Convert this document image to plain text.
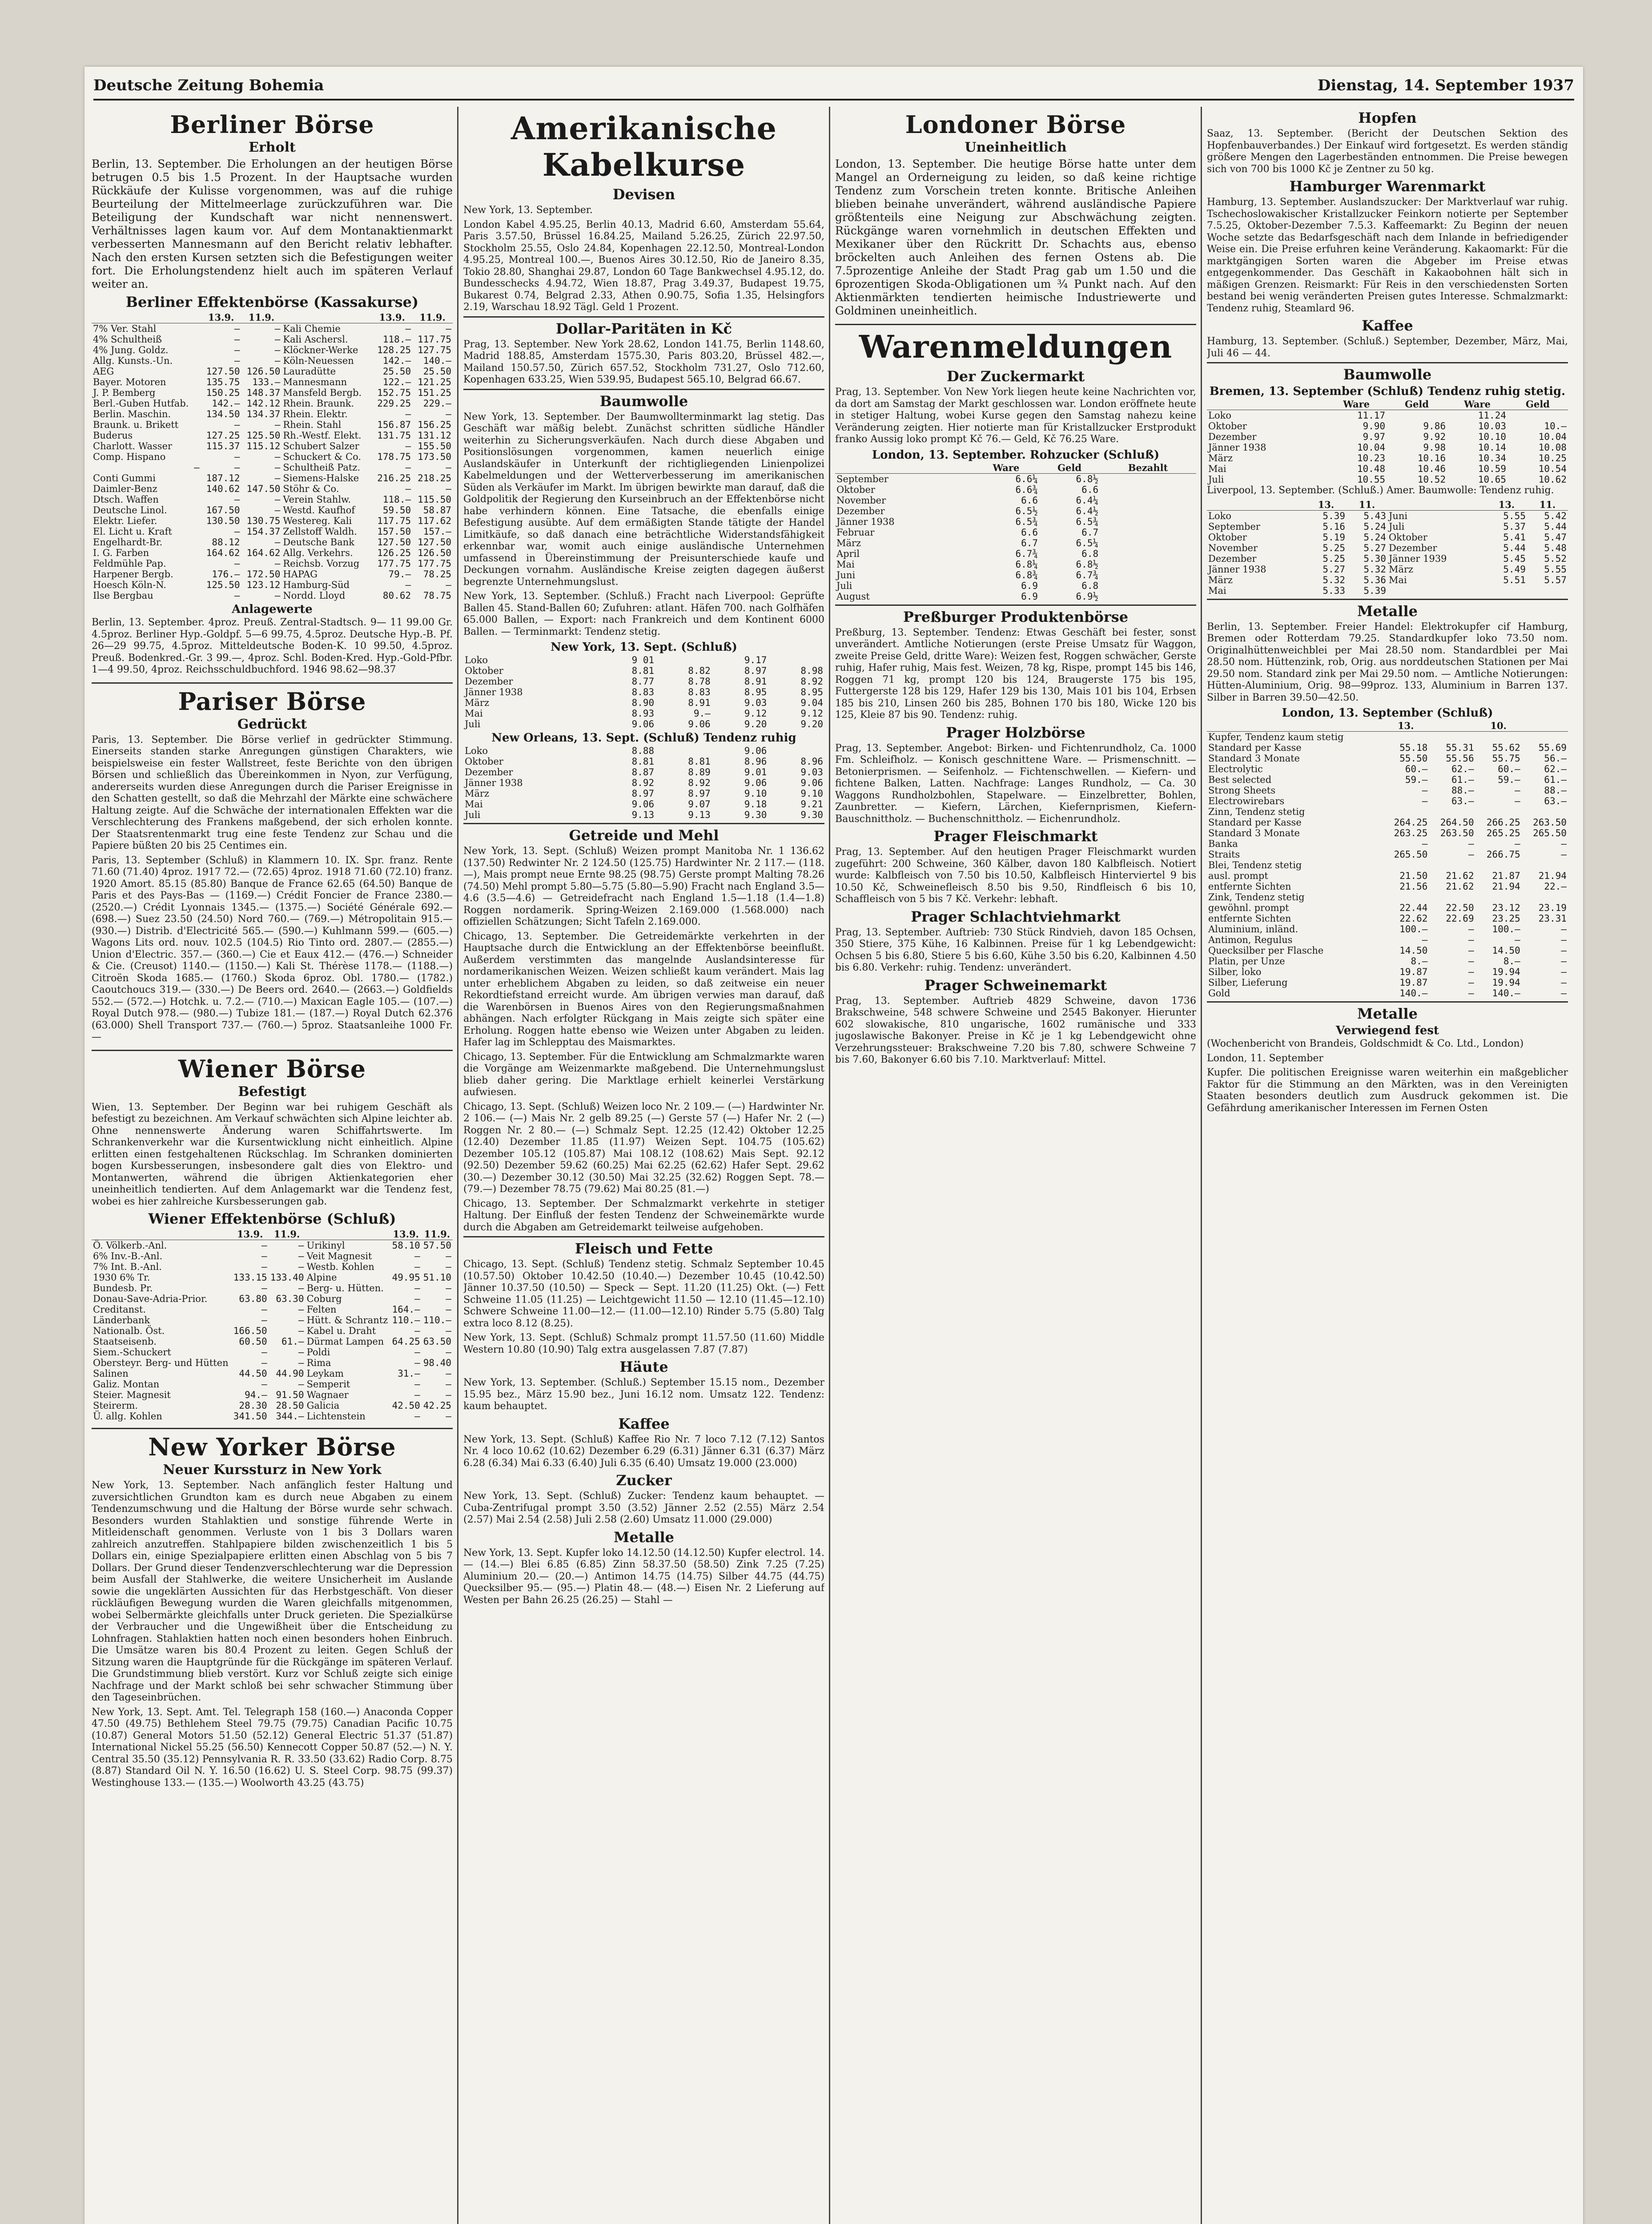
Deutsche Zeitung Bohemia	Dienstag, 14. September 1937
Berliner Börse
Erholt

Berlin, 13. September. Die Erholungen an der heutigen Börse betrugen 0.5 bis 1.5 Prozent. In der Hauptsache wurden Rückkäufe der Kulisse vorgenommen, was auf die ruhige Beurteilung der Mittelmeerlage zurückzuführen war. Die Beteiligung der Kundschaft war nicht nennenswert. Verhältnisses lagen kaum vor. Auf dem Montanaktienmarkt verbesserten Mannesmann auf den Bericht relativ lebhafter. Nach den ersten Kursen setzten sich die Befestigungen weiter fort. Die Erholungstendenz hielt auch im späteren Verlauf weiter an.

Berliner Effektenbörse (Kassakurse)
	13.9.	11.9.		13.9.	11.9.
7% Ver. Stahl	—	—	Kali Chemie	—	—
4% Schultheiß	—	—	Kali Aschersl.	118.—	117.75
4% Jung. Goldz.	—	—	Klöckner-Werke	128.25	127.75
Allg. Kunsts.-Un.	—	—	Köln-Neuessen	142.—	140.—
AEG	127.50	126.50	Lauradütte	25.50	25.50
Bayer. Motoren	135.75	133.—	Mannesmann	122.—	121.25
J. P. Bemberg	150.25	148.37	Mansfeld Bergb.	152.75	151.25
Berl.-Guben Hutfab.	142.—	142.12	Rhein. Braunk.	229.25	229.—
Berlin. Maschin.	134.50	134.37	Rhein. Elektr.	—	—
Braunk. u. Brikett	—	—	Rhein. Stahl	156.87	156.25
Buderus	127.25	125.50	Rh.-Westf. Elekt.	131.75	131.12
Charlott. Wasser	115.37	115.12	Schubert Salzer	—	155.50
Comp. Hispano	—	—	Schuckert & Co.	178.75	173.50
—	—	—	Schultheiß Patz.	—	—
Conti Gummi	187.12	—	Siemens-Halske	216.25	218.25
Daimler-Benz	140.62	147.50	Stöhr & Co.	—	—
Dtsch. Waffen	—	—	Verein Stahlw.	118.—	115.50
Deutsche Linol.	167.50	—	Westd. Kaufhof	59.50	58.87
Elektr. Liefer.	130.50	130.75	Westereg. Kali	117.75	117.62
El. Licht u. Kraft	—	154.37	Zellstoff Waldh.	157.50	157.—
Engelhardt-Br.	88.12	—	Deutsche Bank	127.50	127.50
I. G. Farben	164.62	164.62	Allg. Verkehrs.	126.25	126.50
Feldmühle Pap.	—	—	Reichsb. Vorzug	177.75	177.75
Harpener Bergb.	176.—	172.50	HAPAG	79.—	78.25
Hoesch Köln-N.	125.50	123.12	Hamburg-Süd	—	—
Ilse Bergbau	—	—	Nordd. Lloyd	80.62	78.75
Anlagewerte

Berlin, 13. September. 4proz. Preuß. Zentral-Stadtsch. 9— 11 99.00 Gr. 4.5proz. Berliner Hyp.-Goldpf. 5—6 99.75, 4.5proz. Deutsche Hyp.-B. Pf. 26—29 99.75, 4.5proz. Mitteldeutsche Boden-K. 10 99.50, 4.5proz. Preuß. Bodenkred.-Gr. 3 99.—, 4proz. Schl. Boden-Kred. Hyp.-Gold-Pfbr. 1—4 99.50, 4proz. Reichsschuldbuchford. 1946 98.62—98.37

Pariser Börse
Gedrückt

Paris, 13. September. Die Börse verlief in gedrückter Stimmung. Einerseits standen starke Anregungen günstigen Charakters, wie beispielsweise ein fester Wallstreet, feste Berichte von den übrigen Börsen und schließlich das Übereinkommen in Nyon, zur Verfügung, andererseits wurden diese Anregungen durch die Pariser Ereignisse in den Schatten gestellt, so daß die Mehrzahl der Märkte eine schwächere Haltung zeigte. Auf die Schwäche der internationalen Effekten war die Verschlechterung des Frankens maßgebend, der sich erholen konnte. Der Staatsrentenmarkt trug eine feste Tendenz zur Schau und die Papiere büßten 20 bis 25 Centimes ein.

Paris, 13. September (Schluß) in Klammern 10. IX. Spr. franz. Rente 71.60 (71.40) 4proz. 1917 72.— (72.65) 4proz. 1918 71.60 (72.10) franz. 1920 Amort. 85.15 (85.80) Banque de France 62.65 (64.50) Banque de Paris et des Pays-Bas — (1169.—) Crédit Foncier de France 2380.— (2520.—) Crédit Lyonnais 1345.— (1375.—) Société Générale 692.— (698.—) Suez 23.50 (24.50) Nord 760.— (769.—) Métropolitain 915.— (930.—) Distrib. d'Electricité 565.— (590.—) Kuhlmann 599.— (605.—) Wagons Lits ord. nouv. 102.5 (104.5) Rio Tinto ord. 2807.— (2855.—) Union d'Electric. 357.— (360.—) Cie et Eaux 412.— (476.—) Schneider & Cie. (Creusot) 1140.— (1150.—) Kali St. Thérèse 1178.— (1188.—) Citroën Skoda 1685.— (1760.) Skoda 6proz. Obl. 1780.— (1782.) Caoutchoucs 319.— (330.—) De Beers ord. 2640.— (2663.—) Goldfields 552.— (572.—) Hotchk. u. 7.2.— (710.—) Maxican Eagle 105.— (107.—) Royal Dutch 978.— (980.—) Tubize 181.— (187.—) Royal Dutch 62.376 (63.000) Shell Transport 737.— (760.—) 5proz. Staatsanleihe 1000 Fr. —

Wiener Börse
Befestigt

Wien, 13. September. Der Beginn war bei ruhigem Geschäft als befestigt zu bezeichnen. Am Verkauf schwächten sich Alpine leichter ab. Ohne nennenswerte Änderung waren Schiffahrtswerte. Im Schrankenverkehr war die Kursentwicklung nicht einheitlich. Alpine erlitten einen festgehaltenen Rückschlag. Im Schranken dominierten bogen Kursbesserungen, insbesondere galt dies von Elektro- und Montanwerten, während die übrigen Aktienkategorien eher uneinheitlich tendierten. Auf dem Anlagemarkt war die Tendenz fest, wobei es hier zahlreiche Kursbesserungen gab.

Wiener Effektenbörse (Schluß)
	13.9.	11.9.		13.9.	11.9.
Ö. Völkerb.-Anl.	—	—	Urikinyl	58.10	57.50
6% Inv.-B.-Anl.	—	—	Veit Magnesit	—	—
7% Int. B.-Anl.	—	—	Westb. Kohlen	—	—
1930 6% Tr.	133.15	133.40	Alpine	49.95	51.10
Bundesb. Pr.	—	—	Berg- u. Hütten.	—	—
Donau-Save-Adria-Prior.	63.80	63.30	Coburg	—	—
Creditanst.	—	—	Felten	164.—	—
Länderbank	—	—	Hütt. & Schrantz	110.—	110.—
Nationalb. Öst.	166.50	—	Kabel u. Draht	—	—
Staatseisenb.	60.50	61.—	Dürmat Lampen	64.25	63.50
Siem.-Schuckert	—	—	Poldi	—	—
Obersteyr. Berg- und Hütten	—	—	Rima	—	98.40
Salinen	44.50	44.90	Leykam	31.—	—
Galiz. Montan	—	—	Semperit	—	—
Steier. Magnesit	94.—	91.50	Wagnaer	—	—
Steirerm.	28.30	28.50	Galicia	42.50	42.25
Ü. allg. Kohlen	341.50	344.—	Lichtenstein	—	—
New Yorker Börse
Neuer Kurssturz in New York

New York, 13. September. Nach anfänglich fester Haltung und zuversichtlichen Grundton kam es durch neue Abgaben zu einem Tendenzumschwung und die Haltung der Börse wurde sehr schwach. Besonders wurden Stahlaktien und sonstige führende Werte in Mitleidenschaft genommen. Verluste von 1 bis 3 Dollars waren zahlreich anzutreffen. Stahlpapiere bilden zwischenzeitlich 1 bis 5 Dollars ein, einige Spezialpapiere erlitten einen Abschlag von 5 bis 7 Dollars. Der Grund dieser Tendenzverschlechterung war die Depression beim Ausfall der Stahlwerke, die weitere Unsicherheit im Auslande sowie die ungeklärten Aussichten für das Herbstgeschäft. Von dieser rückläufigen Bewegung wurden die Waren gleichfalls mitgenommen, wobei Selbermärkte gleichfalls unter Druck gerieten. Die Spezialkürse der Verbraucher und die Ungewißheit über die Entscheidung zu Lohnfragen. Stahlaktien hatten noch einen besonders hohen Einbruch. Die Umsätze waren bis 80.4 Prozent zu leiten. Gegen Schluß der Sitzung waren die Hauptgründe für die Rückgänge im späteren Verlauf. Die Grundstimmung blieb verstört. Kurz vor Schluß zeigte sich einige Nachfrage und der Markt schloß bei sehr schwacher Stimmung über den Tageseinbrüchen.

New York, 13. Sept. Amt. Tel. Telegraph 158 (160.—) Anaconda Copper 47.50 (49.75) Bethlehem Steel 79.75 (79.75) Canadian Pacific 10.75 (10.87) General Motors 51.50 (52.12) General Electric 51.37 (51.87) International Nickel 55.25 (56.50) Kennecott Copper 50.87 (52.—) N. Y. Central 35.50 (35.12) Pennsylvania R. R. 33.50 (33.62) Radio Corp. 8.75 (8.87) Standard Oil N. Y. 16.50 (16.62) U. S. Steel Corp. 98.75 (99.37) Westinghouse 133.— (135.—) Woolworth 43.25 (43.75)

Amerikanische Kabelkurse
Devisen

New York, 13. September.

London Kabel 4.95.25, Berlin 40.13, Madrid 6.60, Amsterdam 55.64, Paris 3.57.50, Brüssel 16.84.25, Mailand 5.26.25, Zürich 22.97.50, Stockholm 25.55, Oslo 24.84, Kopenhagen 22.12.50, Montreal-London 4.95.25, Montreal 100.—, Buenos Aires 30.12.50, Rio de Janeiro 8.35, Tokio 28.80, Shanghai 29.87, London 60 Tage Bankwechsel 4.95.12, do. Bundesschecks 4.94.72, Wien 18.87, Prag 3.49.37, Budapest 19.75, Bukarest 0.74, Belgrad 2.33, Athen 0.90.75, Sofia 1.35, Helsingfors 2.19, Warschau 18.92 Tägl. Geld 1 Prozent.

Dollar-Paritäten in Kč

Prag, 13. September. New York 28.62, London 141.75, Berlin 1148.60, Madrid 188.85, Amsterdam 1575.30, Paris 803.20, Brüssel 482.—, Mailand 150.57.50, Zürich 657.52, Stockholm 731.27, Oslo 712.60, Kopenhagen 633.25, Wien 539.95, Budapest 565.10, Belgrad 66.67.

Baumwolle

New York, 13. September. Der Baumwollterminmarkt lag stetig. Das Geschäft war mäßig belebt. Zunächst schritten südliche Händler weiterhin zu Sicherungsverkäufen. Nach durch diese Abgaben und Positionslösungen vorgenommen, kamen neuerlich einige Auslandskäufer in Unterkunft der richtigliegenden Linienpolizei Kabelmeldungen und der Wetterverbesserung im amerikanischen Süden als Verkäufer im Markt. Im übrigen bewirkte man darauf, daß die Goldpolitik der Regierung den Kurseinbruch an der Effektenbörse nicht habe verhindern können. Eine Tatsache, die ebenfalls einige Befestigung ausübte. Auf dem ermäßigten Stande tätigte der Handel Limitkäufe, so daß danach eine beträchtliche Widerstandsfähigkeit erkennbar war, womit auch einige ausländische Unternehmen umfassend in Übereinstimmung der Preisunterschiede kaufe und Deckungen vornahm. Ausländische Kreise zeigten dagegen äußerst begrenzte Unternehmungslust.

New York, 13. September. (Schluß.) Fracht nach Liverpool: Geprüfte Ballen 45. Stand-Ballen 60; Zufuhren: atlant. Häfen 700. nach Golfhäfen 65.000 Ballen, — Export: nach Frankreich und dem Kontinent 6000 Ballen. — Terminmarkt: Tendenz stetig.

New York, 13. Sept. (Schluß)
Loko	9 01		9.17	
Oktober	8.81	8.82	8.97	8.98
Dezember	8.77	8.78	8.91	8.92
Jänner 1938	8.83	8.83	8.95	8.95
März	8.90	8.91	9.03	9.04
Mai	8.93	9.—	9.12	9.12
Juli	9.06	9.06	9.20	9.20
New Orleans, 13. Sept. (Schluß) Tendenz ruhig
Loko	8.88		9.06	
Oktober	8.81	8.81	8.96	8.96
Dezember	8.87	8.89	9.01	9.03
Jänner 1938	8.92	8.92	9.06	9.06
März	8.97	8.97	9.10	9.10
Mai	9.06	9.07	9.18	9.21
Juli	9.13	9.13	9.30	9.30
Getreide und Mehl

New York, 13. Sept. (Schluß) Weizen prompt Manitoba Nr. 1 136.62 (137.50) Redwinter Nr. 2 124.50 (125.75) Hardwinter Nr. 2 117.— (118.—), Mais prompt neue Ernte 98.25 (98.75) Gerste prompt Malting 78.26 (74.50) Mehl prompt 5.80—5.75 (5.80—5.90) Fracht nach England 3.5—4.6 (3.5—4.6) — Getreidefracht nach England 1.5—1.18 (1.4—1.8) Roggen nordamerik. Spring-Weizen 2.169.000 (1.568.000) nach offiziellen Schätzungen; Sicht Tafeln 2.169.000.

Chicago, 13. September. Die Getreidemärkte verkehrten in der Hauptsache durch die Entwicklung an der Effektenbörse beeinflußt. Außerdem verstimmten das mangelnde Auslandsinteresse für nordamerikanischen Weizen. Weizen schließt kaum verändert. Mais lag unter erheblichem Abgaben zu leiden, so daß zeitweise ein neuer Rekordtiefstand erreicht wurde. Am übrigen verwies man darauf, daß die Warenbörsen in Buenos Aires von den Regierungsmaßnahmen abhängen. Nach erfolgter Rückgang in Mais zeigte sich später eine Erholung. Roggen hatte ebenso wie Weizen unter Abgaben zu leiden. Hafer lag im Schlepptau des Maismarktes.

Chicago, 13. September. Für die Entwicklung am Schmalzmarkte waren die Vorgänge am Weizenmarkte maßgebend. Die Unternehmungslust blieb daher gering. Die Marktlage erhielt keinerlei Verstärkung aufwiesen.

Chicago, 13. Sept. (Schluß) Weizen loco Nr. 2 109.— (—) Hardwinter Nr. 2 106.— (—) Mais Nr. 2 gelb 89.25 (—) Gerste 57 (—) Hafer Nr. 2 (—) Roggen Nr. 2 80.— (—) Schmalz Sept. 12.25 (12.42) Oktober 12.25 (12.40) Dezember 11.85 (11.97) Weizen Sept. 104.75 (105.62) Dezember 105.12 (105.87) Mai 108.12 (108.62) Mais Sept. 92.12 (92.50) Dezember 59.62 (60.25) Mai 62.25 (62.62) Hafer Sept. 29.62 (30.—) Dezember 30.12 (30.50) Mai 32.25 (32.62) Roggen Sept. 78.— (79.—) Dezember 78.75 (79.62) Mai 80.25 (81.—)

Chicago, 13. September. Der Schmalzmarkt verkehrte in stetiger Haltung. Der Einfluß der festen Tendenz der Schweinemärkte wurde durch die Abgaben am Getreidemarkt teilweise aufgehoben.

Fleisch und Fette

Chicago, 13. Sept. (Schluß) Tendenz stetig. Schmalz September 10.45 (10.57.50) Oktober 10.42.50 (10.40.—) Dezember 10.45 (10.42.50) Jänner 10.37.50 (10.50) — Speck — Sept. 11.20 (11.25) Okt. (—) Fett Schweine 11.05 (11.25) — Leichtgewicht 11.50 — 12.10 (11.45—12.10) Schwere Schweine 11.00—12.— (11.00—12.10) Rinder 5.75 (5.80) Talg extra loco 8.12 (8.25).

New York, 13. Sept. (Schluß) Schmalz prompt 11.57.50 (11.60) Middle Western 10.80 (10.90) Talg extra ausgelassen 7.87 (7.87)

Häute

New York, 13. September. (Schluß.) September 15.15 nom., Dezember 15.95 bez., März 15.90 bez., Juni 16.12 nom. Umsatz 122. Tendenz: kaum behauptet.

Kaffee

New York, 13. Sept. (Schluß) Kaffee Rio Nr. 7 loco 7.12 (7.12) Santos Nr. 4 loco 10.62 (10.62) Dezember 6.29 (6.31) Jänner 6.31 (6.37) März 6.28 (6.34) Mai 6.33 (6.40) Juli 6.35 (6.40) Umsatz 19.000 (23.000)

Zucker

New York, 13. Sept. (Schluß) Zucker: Tendenz kaum behauptet. — Cuba-Zentrifugal prompt 3.50 (3.52) Jänner 2.52 (2.55) März 2.54 (2.57) Mai 2.54 (2.58) Juli 2.58 (2.60) Umsatz 11.000 (29.000)

Metalle

New York, 13. Sept. Kupfer loko 14.12.50 (14.12.50) Kupfer electrol. 14.— (14.—) Blei 6.85 (6.85) Zinn 58.37.50 (58.50) Zink 7.25 (7.25) Aluminium 20.— (20.—) Antimon 14.75 (14.75) Silber 44.75 (44.75) Quecksilber 95.— (95.—) Platin 48.— (48.—) Eisen Nr. 2 Lieferung auf Westen per Bahn 26.25 (26.25) — Stahl —

Londoner Börse
Uneinheitlich

London, 13. September. Die heutige Börse hatte unter dem Mangel an Orderneigung zu leiden, so daß keine richtige Tendenz zum Vorschein treten konnte. Britische Anleihen blieben beinahe unverändert, während ausländische Papiere größtenteils eine Neigung zur Abschwächung zeigten. Rückgänge waren vornehmlich in deutschen Effekten und Mexikaner über den Rückritt Dr. Schachts aus, ebenso bröckelten auch Anleihen des fernen Ostens ab. Die 7.5prozentige Anleihe der Stadt Prag gab um 1.50 und die 6prozentigen Skoda-Obligationen um ¾ Punkt nach. Auf den Aktienmärkten tendierten heimische Industriewerte und Goldminen uneinheitlich.

Warenmeldungen
Der Zuckermarkt

Prag, 13. September. Von New York liegen heute keine Nachrichten vor, da dort am Samstag der Markt geschlossen war. London eröffnete heute in stetiger Haltung, wobei Kurse gegen den Samstag nahezu keine Veränderung zeigten. Hier notierte man für Kristallzucker Erstprodukt franko Aussig loko prompt Kč 76.— Geld, Kč 76.25 Ware.

London, 13. September. Rohzucker (Schluß)
	Ware	Geld	Bezahlt
September	6.6¼	6.8½	
Oktober	6.6¾	6.6	
November	6.6	6.4¼	
Dezember	6.5½	6.4½	
Jänner 1938	6.5¾	6.5¾	
Februar	6.6	6.7	
März	6.7	6.5¼	
April	6.7¾	6.8	
Mai	6.8¼	6.8½	
Juni	6.8¾	6.7¾	
Juli	6.9	6.8	
August	6.9	6.9½	
Preßburger Produktenbörse

Preßburg, 13. September. Tendenz: Etwas Geschäft bei fester, sonst unverändert. Amtliche Notierungen (erste Preise Umsatz für Waggon, zweite Preise Geld, dritte Ware): Weizen fest, Roggen schwächer, Gerste ruhig, Hafer ruhig, Mais fest. Weizen, 78 kg, Rispe, prompt 145 bis 146, Roggen 71 kg, prompt 120 bis 124, Braugerste 175 bis 195, Futtergerste 128 bis 129, Hafer 129 bis 130, Mais 101 bis 104, Erbsen 185 bis 210, Linsen 260 bis 285, Bohnen 170 bis 180, Wicke 120 bis 125, Kleie 87 bis 90. Tendenz: ruhig.

Prager Holzbörse

Prag, 13. September. Angebot: Birken- und Fichtenrundholz, Ca. 1000 Fm. Schleifholz. — Konisch geschnittene Ware. — Prismenschnitt. — Betonierprismen. — Seifenholz. — Fichtenschwellen. — Kiefern- und fichtene Balken, Latten. Nachfrage: Langes Rundholz, — Ca. 30 Waggons Rundholzbohlen, Stapelware. — Einzelbretter, Bohlen, Zaunbretter. — Kiefern, Lärchen, Kiefernprismen, Kiefern-Bauschnittholz. — Buchenschnittholz. — Eichenrundholz.

Prager Fleischmarkt

Prag, 13. September. Auf den heutigen Prager Fleischmarkt wurden zugeführt: 200 Schweine, 360 Kälber, davon 180 Kalbfleisch. Notiert wurde: Kalbfleisch von 7.50 bis 10.50, Kalbfleisch Hinterviertel 9 bis 10.50 Kč, Schweinefleisch 8.50 bis 9.50, Rindfleisch 6 bis 10, Schaffleisch von 5 bis 7 Kč. Verkehr: lebhaft.

Prager Schlachtviehmarkt

Prag, 13. September. Auftrieb: 730 Stück Rindvieh, davon 185 Ochsen, 350 Stiere, 375 Kühe, 16 Kalbinnen. Preise für 1 kg Lebendgewicht: Ochsen 5 bis 6.80, Stiere 5 bis 6.60, Kühe 3.50 bis 6.20, Kalbinnen 4.50 bis 6.80. Verkehr: ruhig. Tendenz: unverändert.

Prager Schweinemarkt

Prag, 13. September. Auftrieb 4829 Schweine, davon 1736 Brakschweine, 548 schwere Schweine und 2545 Bakonyer. Hierunter 602 slowakische, 810 ungarische, 1602 rumänische und 333 jugoslawische Bakonyer. Preise in Kč je 1 kg Lebendgewicht ohne Verzehrungssteuer: Brakschweine 7.20 bis 7.80, schwere Schweine 7 bis 7.60, Bakonyer 6.60 bis 7.10. Marktverlauf: Mittel.

Hopfen

Saaz, 13. September. (Bericht der Deutschen Sektion des Hopfenbauverbandes.) Der Einkauf wird fortgesetzt. Es werden ständig größere Mengen den Lagerbeständen entnommen. Die Preise bewegen sich von 700 bis 1000 Kč je Zentner zu 50 kg.

Hamburger Warenmarkt

Hamburg, 13. September. Auslandszucker: Der Marktverlauf war ruhig. Tschechoslowakischer Kristallzucker Feinkorn notierte per September 7.5.25, Oktober-Dezember 7.5.3. Kaffeemarkt: Zu Beginn der neuen Woche setzte das Bedarfsgeschäft nach dem Inlande in befriedigender Weise ein. Die Preise erfuhren keine Veränderung. Kakaomarkt: Für die marktgängigen Sorten waren die Abgeber im Preise etwas entgegenkommender. Das Geschäft in Kakaobohnen hält sich in mäßigen Grenzen. Reismarkt: Für Reis in den verschiedensten Sorten bestand bei wenig veränderten Preisen gutes Interesse. Schmalzmarkt: Tendenz ruhig, Steamlard 96.

Kaffee

Hamburg, 13. September. (Schluß.) September, Dezember, März, Mai, Juli 46 — 44.

Baumwolle
Bremen, 13. September (Schluß) Tendenz ruhig stetig.
	Ware	Geld	Ware	Geld
Loko	11.17		11.24	
Oktober	9.90	9.86	10.03	10.—
Dezember	9.97	9.92	10.10	10.04
Jänner 1938	10.04	9.98	10.14	10.08
März	10.23	10.16	10.34	10.25
Mai	10.48	10.46	10.59	10.54
Juli	10.55	10.52	10.65	10.62

Liverpool, 13. September. (Schluß.) Amer. Baumwolle: Tendenz ruhig.

	13.	11.		13.	11.
Loko	5.39	5.43	Juni	5.55	5.42
September	5.16	5.24	Juli	5.37	5.44
Oktober	5.19	5.24	Oktober	5.41	5.47
November	5.25	5.27	Dezember	5.44	5.48
Dezember	5.25	5.30	Jänner 1939	5.45	5.52
Jänner 1938	5.27	5.32	März	5.49	5.55
März	5.32	5.36	Mai	5.51	5.57
Mai	5.33	5.39			
Metalle

Berlin, 13. September. Freier Handel: Elektrokupfer cif Hamburg, Bremen oder Rotterdam 79.25. Standardkupfer loko 73.50 nom. Originalhüttenweichblei per Mai 28.50 nom. Standardblei per Mai 28.50 nom. Hüttenzink, rob, Orig. aus norddeutschen Stationen per Mai 29.50 nom. Standard zink per Mai 29.50 nom. — Amtliche Notierungen: Hütten-Aluminium, Orig. 98—99proz. 133, Aluminium in Barren 137. Silber in Barren 39.50—42.50.

London, 13. September (Schluß)
	13.		10.	
Kupfer, Tendenz kaum stetig				
Standard per Kasse	55.18	55.31	55.62	55.69
Standard 3 Monate	55.50	55.56	55.75	56.—
Electrolytic	60.—	62.—	60.—	62.—
Best selected	59.—	61.—	59.—	61.—
Strong Sheets	—	88.—	—	88.—
Electrowirebars	—	63.—	—	63.—
Zinn, Tendenz stetig				
Standard per Kasse	264.25	264.50	266.25	263.50
Standard 3 Monate	263.25	263.50	265.25	265.50
Banka	—	—	—	—
Straits	265.50	—	266.75	—
Blei, Tendenz stetig				
ausl. prompt	21.50	21.62	21.87	21.94
entfernte Sichten	21.56	21.62	21.94	22.—
Zink, Tendenz stetig				
gewöhnl. prompt	22.44	22.50	23.12	23.19
entfernte Sichten	22.62	22.69	23.25	23.31
Aluminium, inländ.	100.—	—	100.—	—
Antimon, Regulus	—	—	—	—
Quecksilber per Flasche	14.50	—	14.50	—
Platin, per Unze	8.—	—	8.—	—
Silber, loko	19.87	—	19.94	—
Silber, Lieferung	19.87	—	19.94	—
Gold	140.—	—	140.—	—
Metalle
Verwiegend fest

(Wochenbericht von Brandeis, Goldschmidt & Co. Ltd., London)

London, 11. September

Kupfer. Die politischen Ereignisse waren weiterhin ein maßgeblicher Faktor für die Stimmung an den Märkten, was in den Vereinigten Staaten besonders deutlich zum Ausdruck gekommen ist. Die Gefährdung amerikanischer Interessen im Fernen Osten
